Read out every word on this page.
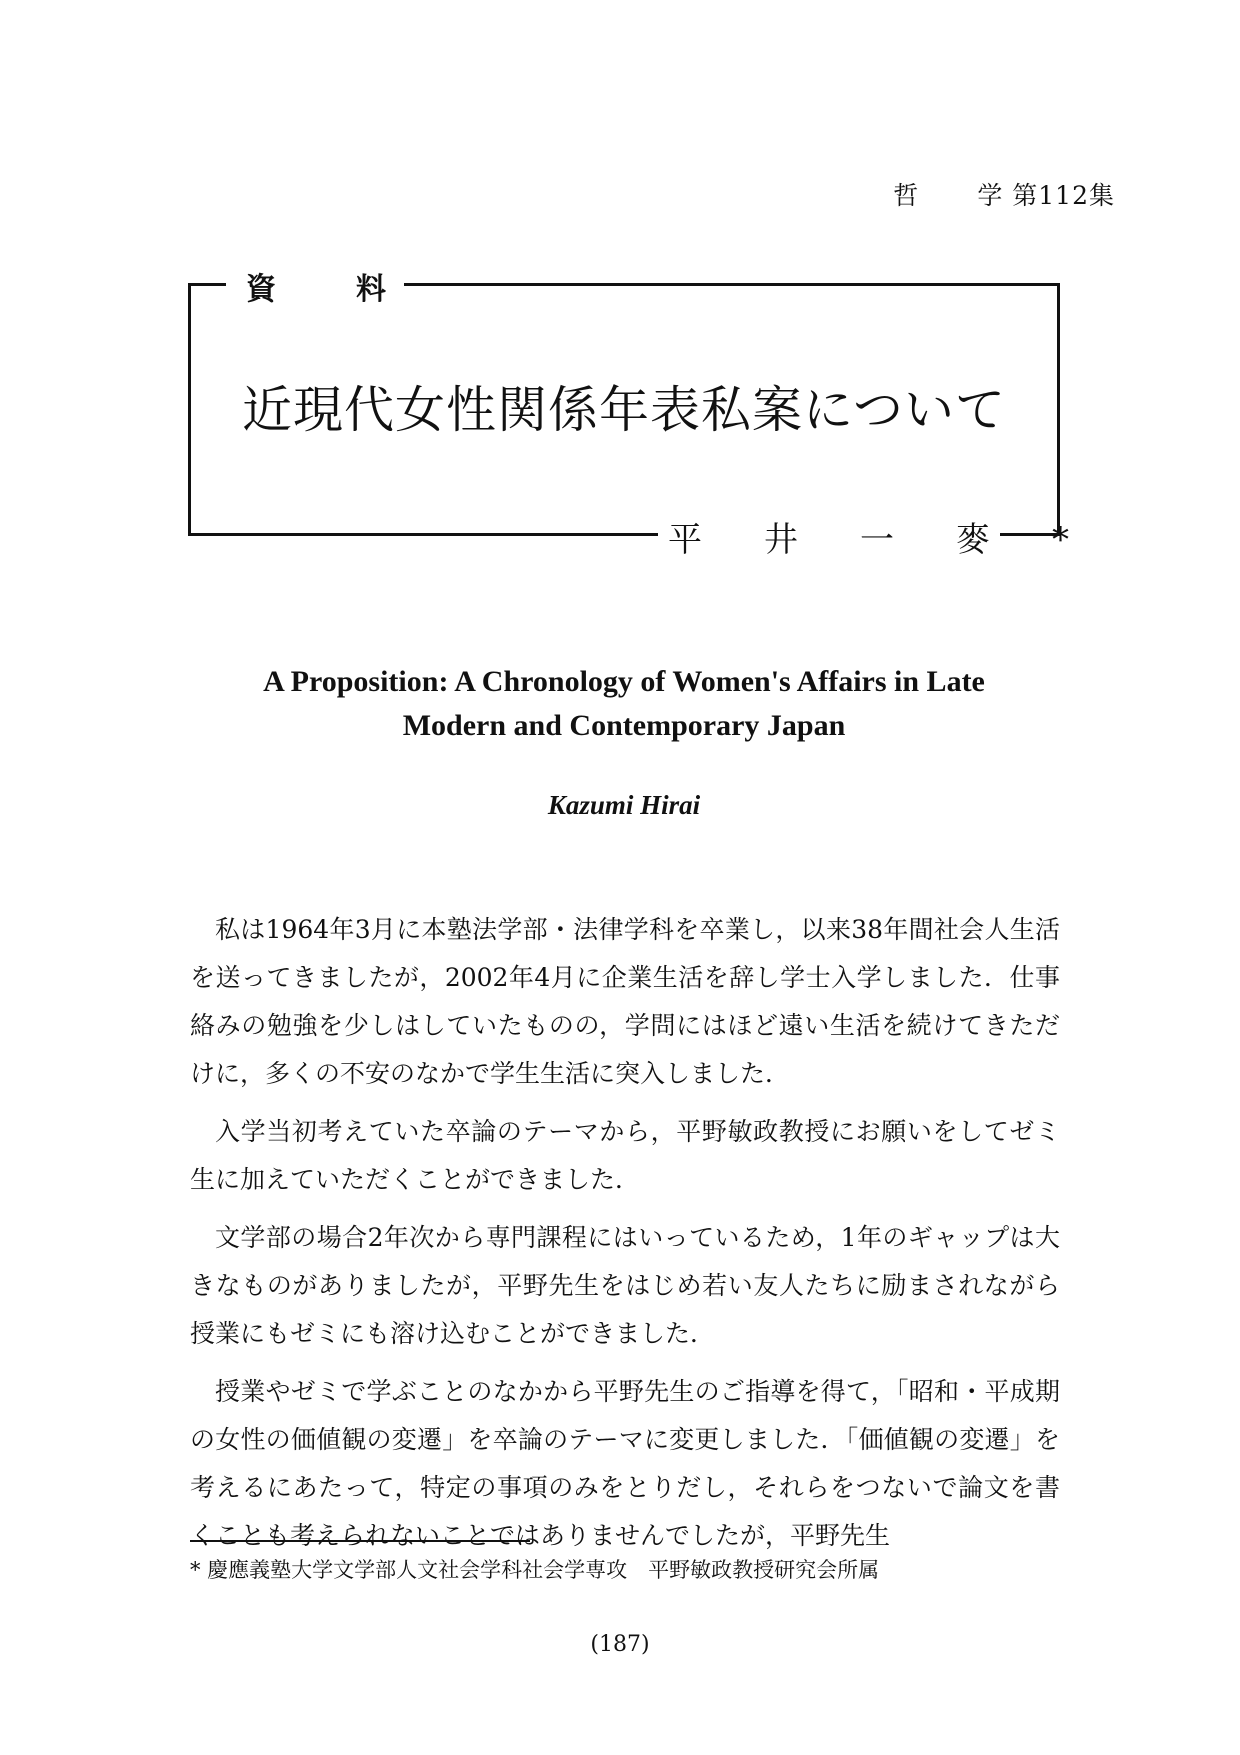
哲 学 第112集
資	料
近現代女性関係年表私案について
平井一麥*
A Proposition: A Chronology of Women's Affairs in Late
Modern and Contemporary Japan
Kazumi Hirai

私は1964年3月に本塾法学部・法律学科を卒業し，以来38年間社会人生活を送ってきましたが，2002年4月に企業生活を辞し学士入学しました．仕事絡みの勉強を少しはしていたものの，学問にはほど遠い生活を続けてきただけに，多くの不安のなかで学生生活に突入しました．

入学当初考えていた卒論のテーマから，平野敏政教授にお願いをしてゼミ生に加えていただくことができました．

文学部の場合2年次から専門課程にはいっているため，1年のギャップは大きなものがありましたが，平野先生をはじめ若い友人たちに励まされながら授業にもゼミにも溶け込むことができました．

授業やゼミで学ぶことのなかから平野先生のご指導を得て，「昭和・平成期の女性の価値観の変遷」を卒論のテーマに変更しました．「価値観の変遷」を考えるにあたって，特定の事項のみをとりだし，それらをつないで論文を書くことも考えられないことではありませんでしたが，平野先生

* 慶應義塾大学文学部人文社会学科社会学専攻　平野敏政教授研究会所属
(187)
